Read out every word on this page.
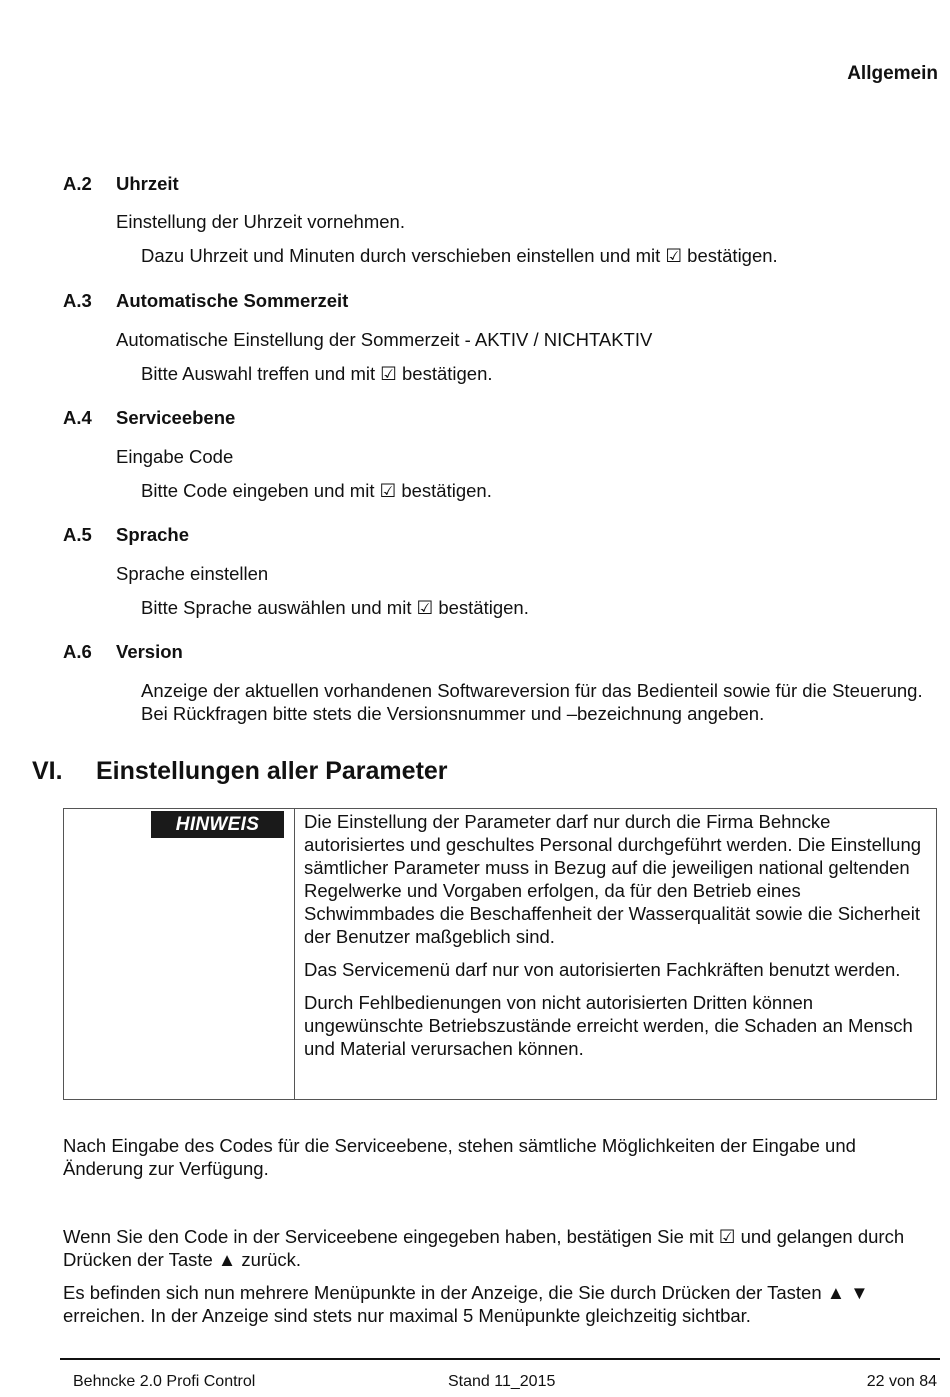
Allgemein
A.2 Uhrzeit
Einstellung der Uhrzeit vornehmen.
Dazu Uhrzeit und Minuten durch verschieben einstellen und mit ☑ bestätigen.
A.3 Automatische Sommerzeit
Automatische Einstellung der Sommerzeit - AKTIV / NICHTAKTIV
Bitte Auswahl treffen und mit ☑ bestätigen.
A.4 Serviceebene
Eingabe Code
Bitte Code eingeben und mit ☑ bestätigen.
A.5 Sprache
Sprache einstellen
Bitte Sprache auswählen und mit ☑ bestätigen.
A.6 Version
Anzeige der aktuellen vorhandenen Softwareversion für das Bedienteil sowie für die Steuerung. Bei Rückfragen bitte stets die Versionsnummer und –bezeichnung angeben.
VI. Einstellungen aller Parameter
HINWEIS	Die Einstellung der Parameter darf nur durch die Firma Behncke autorisiertes und geschultes Personal durchgeführt werden. Die Einstellung sämtlicher Parameter muss in Bezug auf die jeweiligen national geltenden Regelwerke und Vorgaben erfolgen, da für den Betrieb eines Schwimmbades die Beschaffenheit der Wasserqualität sowie die Sicherheit der Benutzer maßgeblich sind.

Das Servicemenü darf nur von autorisierten Fachkräften benutzt werden.

Durch Fehlbedienungen von nicht autorisierten Dritten können ungewünschte Betriebszustände erreicht werden, die Schaden an Mensch und Material verursachen können.

Nach Eingabe des Codes für die Serviceebene, stehen sämtliche Möglichkeiten der Eingabe und Änderung zur Verfügung.
Wenn Sie den Code in der Serviceebene eingegeben haben, bestätigen Sie mit ☑ und gelangen durch Drücken der Taste ▲ zurück.
Es befinden sich nun mehrere Menüpunkte in der Anzeige, die Sie durch Drücken der Tasten ▲ ▼ erreichen. In der Anzeige sind stets nur maximal 5 Menüpunkte gleichzeitig sichtbar.
Behncke 2.0 Profi Control	Stand 11_2015	22 von 84
